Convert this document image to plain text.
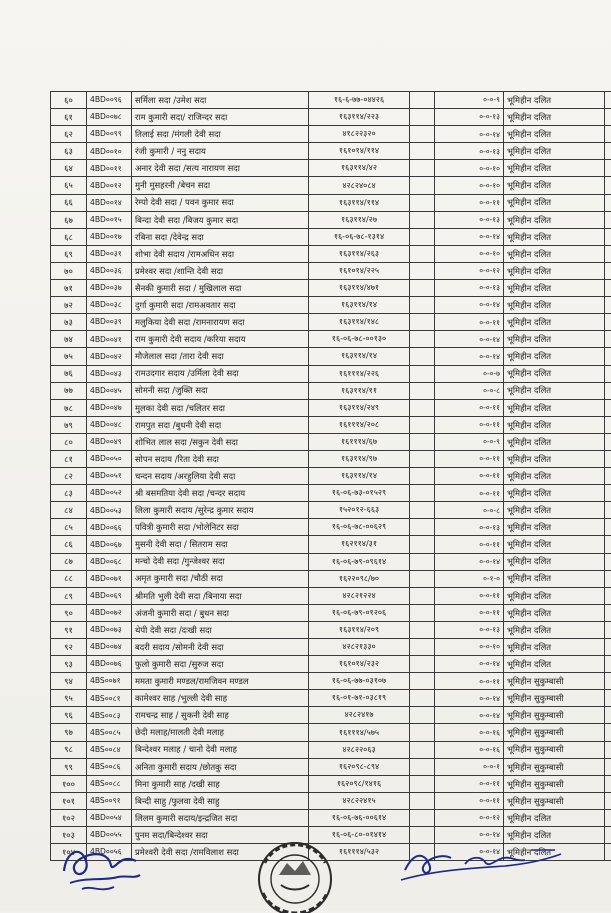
६०	4BD००९६	सर्मिला सदा /उमेश सदा	१६-६-७७-०४४२६		०-०-९	भूमिहीन दलित	
६१	4BD००७८	राम कुमारी सदा/ राजिन्दर सदा	१६३११४/२२३		०-०-१३	भूमिहीन दलित	
६२	4BD००९९	तिलाई सदा /मंगली देवी सदा	४१८२२३२०		०-०-१४	भूमिहीन दलित	
६३	4BD००१०	रंजी कुमारी / ननु सदाय	१६१०१४/११४		०-०-१३	भूमिहीन दलित	
६४	4BD००११	अनार देवी सदा /सत्य नारायण सदा	१६३११४/४२		०-०-१०	भूमिहीन दलित	
६५	4BD००१२	मुनी मुसहरनी /बेचन सदा	४२८२४०८४		०-०-१०	भूमिहीन दलित	
६६	4BD००१४	रेम्पो देवी सदा / पवन कुमार सदा	१६३११४/११४		०-०-११	भूमिहीन दलित	
६७	4BD००१५	बिन्दा देवी सदा /बिजय कुमार सदा	१६३११४/२७		०-०-१३	भूमिहीन दलित	
६८	4BD००१७	रबिना सदा /देवेन्द्र सदा	१६-०६-७८-१३१४		०-०-१४	भूमिहीन दलित	
६९	4BD००३१	शोभा देवी सदाय /रामअधिन सदा	१६३११४/२६३		०-०-१०	भूमिहीन दलित	
७०	4BD००३६	प्रमेश्वर सदा /शान्ति देवी सदा	१६१०१४/२२५		०-०-१२	भूमिहीन दलित	
७१	4BD००३७	सैनकी कुमारी सदा / मुखिलाल सदा	१६३११४/४७१		०-०-१३	भूमिहीन दलित	
७२	4BD००३८	दुर्गा कुमारी सदा /रामअवतार सदा	१६३११४/१४		०-०-१४	भूमिहीन दलित	
७३	4BD००३९	मलुकिया देवी सदा /रामनारायण सदा	१६३११४/१४८		०-०-११	भूमिहीन दलित	
७४	4BD००४१	राम कुमारी देवी सदाय /करिया सदाय	१६-०६-७८-००१३०		०-०-१४	भूमिहीन दलित	
७५	4BD००४२	मौजेलाल सदा /तारा देवी सदा	१६३११४/१४		०-०-१४	भूमिहीन दलित	
७६	4BD००४३	रामउदगार सदाय /उर्मिला देवी सदा	१६१११४/२२६		०-०-७	भूमिहीन दलित	
७७	4BD००४५	सोमनी सदा /जुक्ति सदा	१६३११४/११		०-०-८	भूमिहीन दलित	
७८	4BD००४७	मुलका देवी सदा /चलितर सदा	१६३११४/२४९		०-०-११	भूमिहीन दलित	
७९	4BD००४८	रामपुत सदा /बुधनी देवी सदा	१६१११४/२०८		०-०-११	भूमिहीन दलित	
८०	4BD००४९	शोभित लाल सदा /सकुन देवी सदा	१६१११४/६७		०-०-९	भूमिहीन दलित	
८१	4BD००५०	सोपन सदाय /रिता देवी सदा	१६३११४/९७		०-०-११	भूमिहीन दलित	
८२	4BD००५१	चन्दन सदाय /अरहुलिया देवी सदा	१६३११४/१४		०-०-११	भूमिहीन दलित	
८३	4BD००५२	श्री बसमतिया देवी सदा /चन्दर सदाय	१६-०६-७३-०१५२९		०-०-११	भूमिहीन दलित	
८४	4BD००५३	लिला कुमारी सदाय /सुरेन्द्र कुमार सदाय	१५२०१२-६६३		०-०-८	भूमिहीन दलित	
८५	4BD००६६	पवित्री कुमारी सदा /भोलेनिटर सदा	१६-०६-७८-००६२९		०-०-१३	भूमिहीन दलित	
८६	4BD००६७	मुसनी देवी सदा / सितराम सदा	१६२११४/३१		०-०-११	भूमिहीन दलित	
८७	4BD००६८	मन्चो देवी सदा /गुन्जेश्वर सदा	१६-०६-७९-०९६१४		०-०-१४	भूमिहीन दलित	
८८	4BD००७१	अमृत कुमारी सदा /चौठी सदा	१६२२०९८/७०		०-१-०	भूमिहीन दलित	
८९	4BD००६९	श्रीमति भुली देवी सदा /बिनाया सदा	४२८२१२२४		०-०-११	भूमिहीन दलित	
९०	4BD००७२	अंजनी कुमारी सदा / बुधन सदा	१६-०६-७९-०१२०६		०-०-११	भूमिहीन दलित	
९१	4BD००७३	थेपी देवी सदा /दःखी सदा	१६३११४/२०९		०-०-१३	भूमिहीन दलित	
९२	4BD००७४	बदरी सदाय /सोमनी देवी सदा	४२८२१३३०		०-०-१०	भूमिहीन दलित	
९३	4BD००७६	फुलो कुमारी सदा /सुरुज सदा	१६१०१४/२३२		०-०-१४	भूमिहीन दलित	
९४	4BS००७१	ममता कुमारी मण्डल/रामजिवन मण्डल	१६-०६-७७-०३१०७		०-०-११	भूमिहीन सुकुम्बासी	
९५	4BS००८१	कामेश्वर साह /भुल्ली देवी साह	१६-०१-७१-०३८१९		०-०-१४	भूमिहीन सुकुम्बासी	
९६	4BS००८३	रामचन्द्र साह / सुकनी देवी साह	४२८२४१७		०-०-१४	भूमिहीन सुकुम्बासी	
९७	4BS००८५	छेदी मलाह/मालती देवी मलाह	१६१११४/५७५		०-०-१६	भूमिहीन सुकुम्बासी	
९८	4BS००८४	बिन्देश्वर मलाह / चानो देवी मलाह	४२८२२०६३		०-०-१६	भूमिहीन सुकुम्बासी	
९९	4BS००८६	अनिता कुमारी सदाय /छोतकु सदा	१६२०९८-८९४		०-०-१	भूमिहीन सुकुम्बासी	
१००	4BS००८८	मिना कुमारी साह /दखी साह	१६२०९८/१४१६		०-०-११	भूमिहीन सुकुम्बासी	
१०१	4BS००९१	बिन्दी साहु /फुलवा देवी साहु	४२८२२४१५		०-०-११	भूमिहीन सुकुम्बासी	
१०२	4BD००५४	लिलम कुमारी सदाय/इन्द्रजित सदा	१६-०६-७६-००६१४		०-०-१२	भूमिहीन दलित	
१०३	4BD००५५	पुनम सदा/बिन्देश्वर सदा	१६-०६-८०-०१४१४		०-०-१४	भूमिहीन दलित	
१०४	4BD००५६	प्रमेश्वरी देवी सदा /रामविलाश सदा	१६१११४/५३२		०-०-१४	भूमिहीन दलित	
